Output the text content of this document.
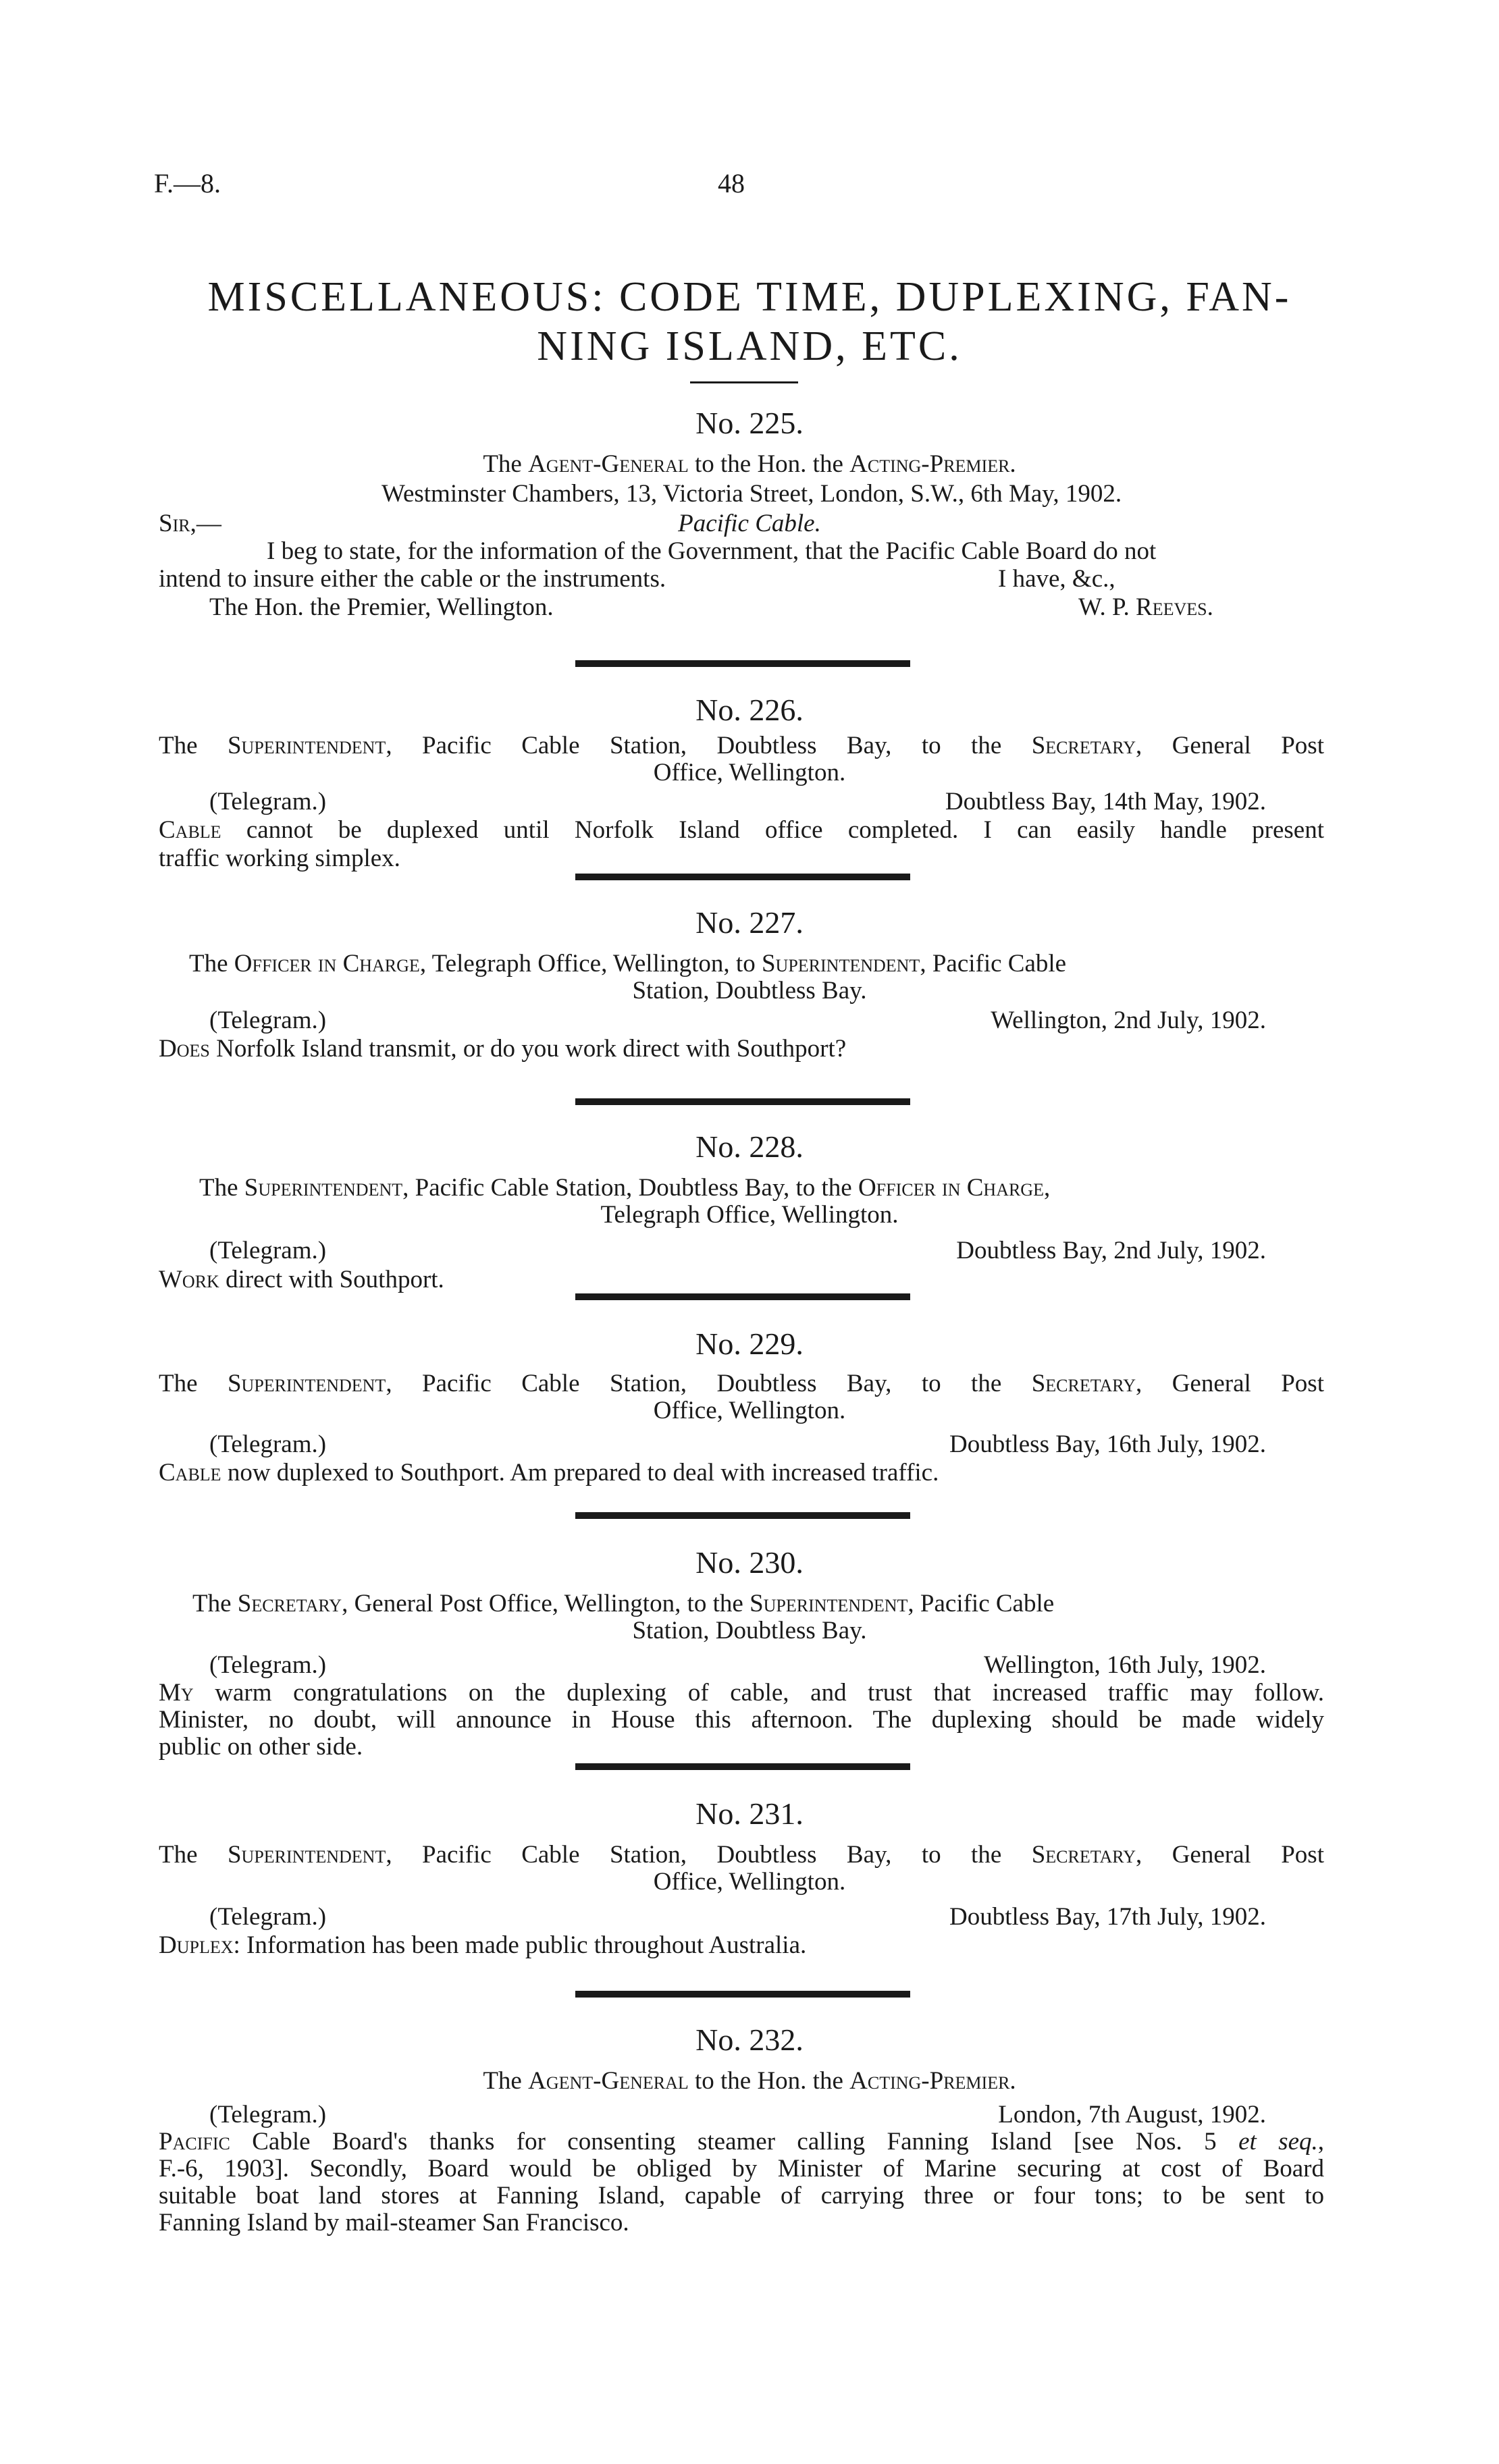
F.—8.	48
MISCELLANEOUS: CODE TIME, DUPLEXING, FAN-
NING ISLAND, ETC.
No. 225.
The Agent-General to the Hon. the Acting-Premier.
Westminster Chambers, 13, Victoria Street, London, S.W., 6th May, 1902.
Sir,—	Pacific Cable.
I beg to state, for the information of the Government, that the Pacific Cable Board do not
intend to insure either the cable or the instruments.	I have, &c.,
The Hon. the Premier, Wellington.	W. P. Reeves.
No. 226.
The Superintendent, Pacific Cable Station, Doubtless Bay, to the Secretary, General Post
Office, Wellington.
(Telegram.)	Doubtless Bay, 14th May, 1902.
Cable cannot be duplexed until Norfolk Island office completed. I can easily handle present
traffic working simplex.
No. 227.
The Officer in Charge, Telegraph Office, Wellington, to Superintendent, Pacific Cable
Station, Doubtless Bay.
(Telegram.)	Wellington, 2nd July, 1902.
Does Norfolk Island transmit, or do you work direct with Southport?
No. 228.
The Superintendent, Pacific Cable Station, Doubtless Bay, to the Officer in Charge,
Telegraph Office, Wellington.
(Telegram.)	Doubtless Bay, 2nd July, 1902.
Work direct with Southport.
No. 229.
The Superintendent, Pacific Cable Station, Doubtless Bay, to the Secretary, General Post
Office, Wellington.
(Telegram.)	Doubtless Bay, 16th July, 1902.
Cable now duplexed to Southport. Am prepared to deal with increased traffic.
No. 230.
The Secretary, General Post Office, Wellington, to the Superintendent, Pacific Cable
Station, Doubtless Bay.
(Telegram.)	Wellington, 16th July, 1902.
My warm congratulations on the duplexing of cable, and trust that increased traffic may follow.
Minister, no doubt, will announce in House this afternoon. The duplexing should be made widely
public on other side.
No. 231.
The Superintendent, Pacific Cable Station, Doubtless Bay, to the Secretary, General Post
Office, Wellington.
(Telegram.)	Doubtless Bay, 17th July, 1902.
Duplex: Information has been made public throughout Australia.
No. 232.
The Agent-General to the Hon. the Acting-Premier.
(Telegram.)	London, 7th August, 1902.
Pacific Cable Board's thanks for consenting steamer calling Fanning Island [see Nos. 5 et seq.,
F.-6, 1903]. Secondly, Board would be obliged by Minister of Marine securing at cost of Board
suitable boat land stores at Fanning Island, capable of carrying three or four tons; to be sent to
Fanning Island by mail-steamer San Francisco.
